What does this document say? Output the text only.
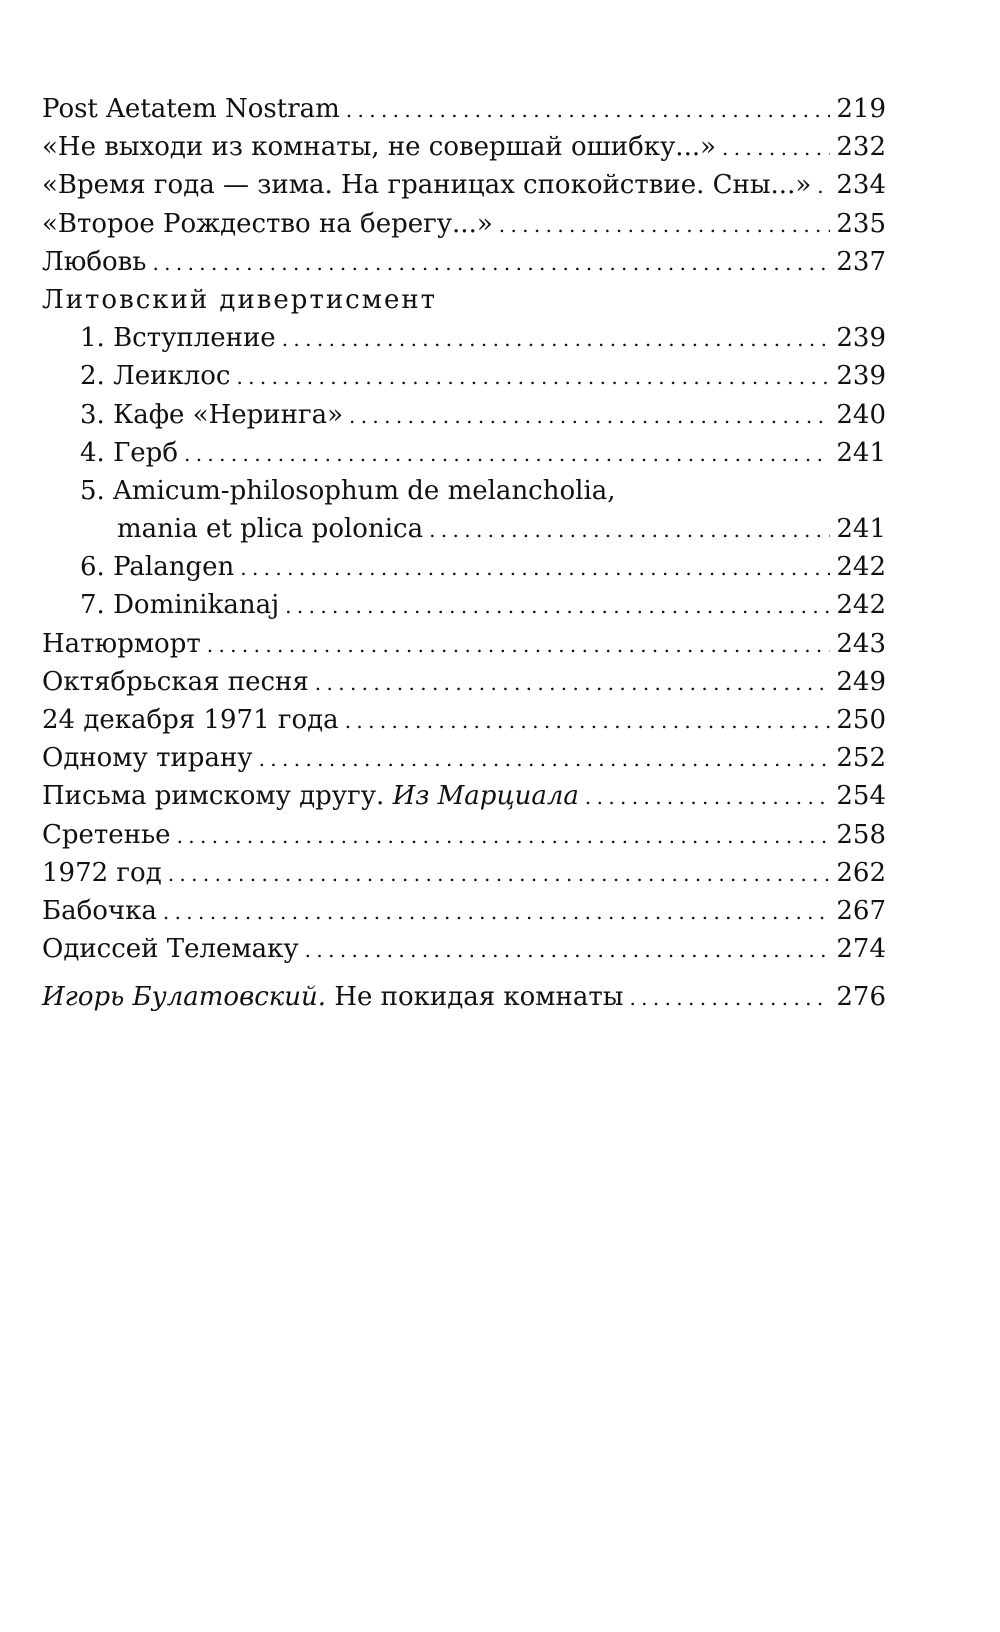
Post Aetatem Nostram . . .	219
«Не выходи из комнаты, не совершай ошибку...» . . .	232
«Время года — зима. На границах спокойствие. Сны...» . . . 234
«Второе Рождество на берегу...» . . .	235
Любовь . . .	237
Литовский дивертисмент
1. Вступление . . .	239
2. Леиклос . . .	239
3. Кафе «Неринга» . . .	240
4. Герб . . .	241
5. Amicum-philosophum de melancholia,
mania et plica polonica . . .	241
6. Palangen . . .	242
7. Dominikanaj . . .	242
Натюрморт . . .	243
Октябрьская песня . . .	249
24 декабря 1971 года . . .	250
Одному тирану . . .	252
Письма римскому другу. Из Марциала . . .	254
Сретенье . . .	258
1972 год . . .	262
Бабочка . . .	267
Одиссей Телемаку . . .	274
Игорь Булатовский. Не покидая комнаты . . .	276
